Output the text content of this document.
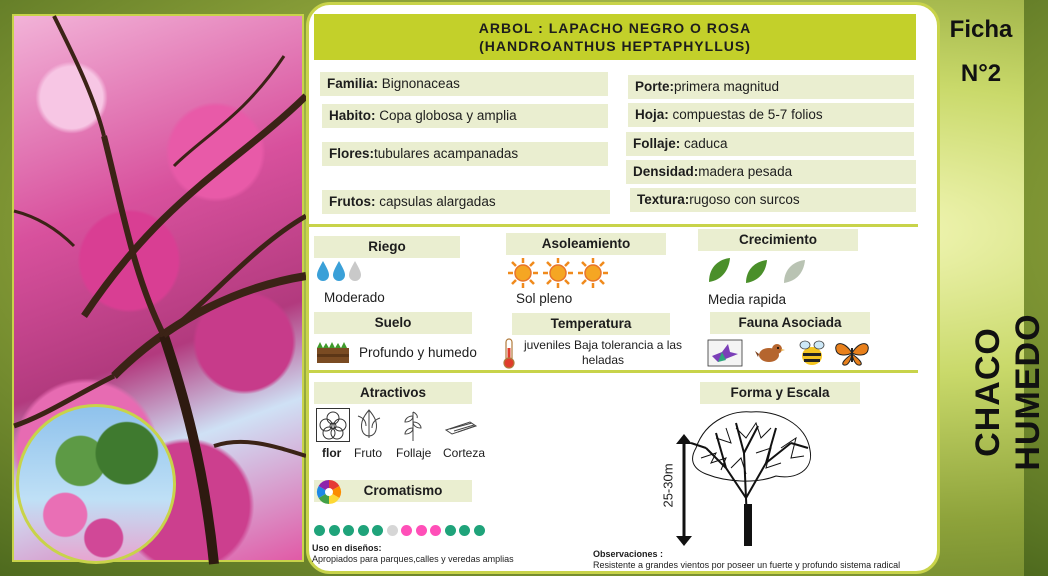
Ficha
N°2
CHACO HUMEDO
ARBOL : LAPACHO NEGRO O ROSA
(HANDROANTHUS HEPTAPHYLLUS)
Familia: Bignonaceas
Habito: Copa globosa y amplia
Flores:tubulares acampanadas
Frutos: capsulas alargadas
Porte:primera magnitud
Hoja: compuestas de 5-7 folios
Follaje: caduca
Densidad:madera pesada
Textura:rugoso con surcos
Riego
Moderado
Asoleamiento
Sol pleno
Crecimiento
Media rapida
Suelo
Profundo y humedo
Temperatura
juveniles Baja tolerancia a las heladas
Fauna Asociada
Atractivos
flor Fruto Follaje Corteza
Cromatismo
Uso en diseños:
Apropiados para parques,calles y veredas amplias
Forma y Escala
25-30m
Observaciones :
Resistente a grandes vientos por poseer un fuerte y profundo sistema radical
